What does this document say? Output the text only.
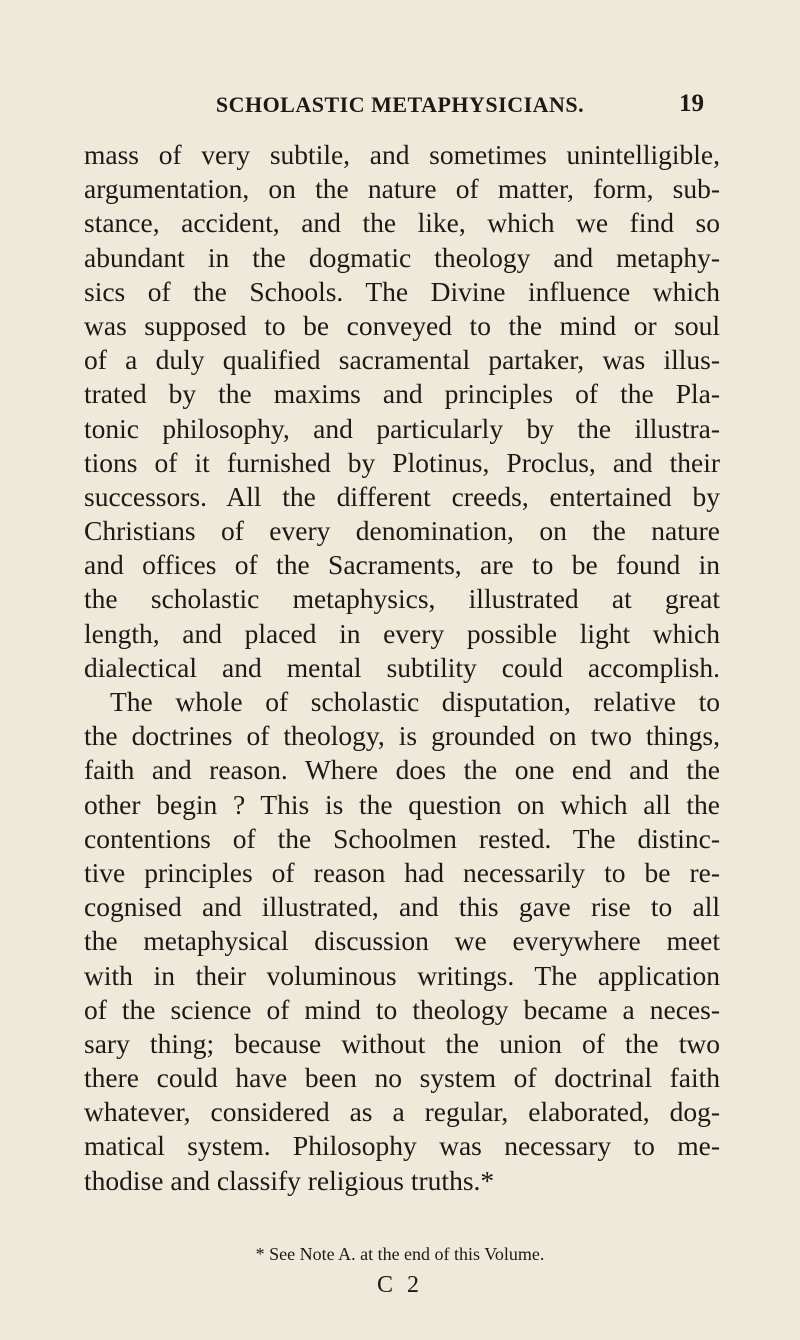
SCHOLASTIC METAPHYSICIANS.	19
mass of very subtile, and sometimes unintelligible,
argumentation, on the nature of matter, form, sub-
stance, accident, and the like, which we find so
abundant in the dogmatic theology and metaphy-
sics of the Schools. The Divine influence which
was supposed to be conveyed to the mind or soul
of a duly qualified sacramental partaker, was illus-
trated by the maxims and principles of the Pla-
tonic philosophy, and particularly by the illustra-
tions of it furnished by Plotinus, Proclus, and their
successors. All the different creeds, entertained by
Christians of every denomination, on the nature
and offices of the Sacraments, are to be found in
the scholastic metaphysics, illustrated at great
length, and placed in every possible light which
dialectical and mental subtility could accomplish.
The whole of scholastic disputation, relative to
the doctrines of theology, is grounded on two things,
faith and reason. Where does the one end and the
other begin ? This is the question on which all the
contentions of the Schoolmen rested. The distinc-
tive principles of reason had necessarily to be re-
cognised and illustrated, and this gave rise to all
the metaphysical discussion we everywhere meet
with in their voluminous writings. The application
of the science of mind to theology became a neces-
sary thing; because without the union of the two
there could have been no system of doctrinal faith
whatever, considered as a regular, elaborated, dog-
matical system. Philosophy was necessary to me-
thodise and classify religious truths.*
* See Note A. at the end of this Volume.
C 2
